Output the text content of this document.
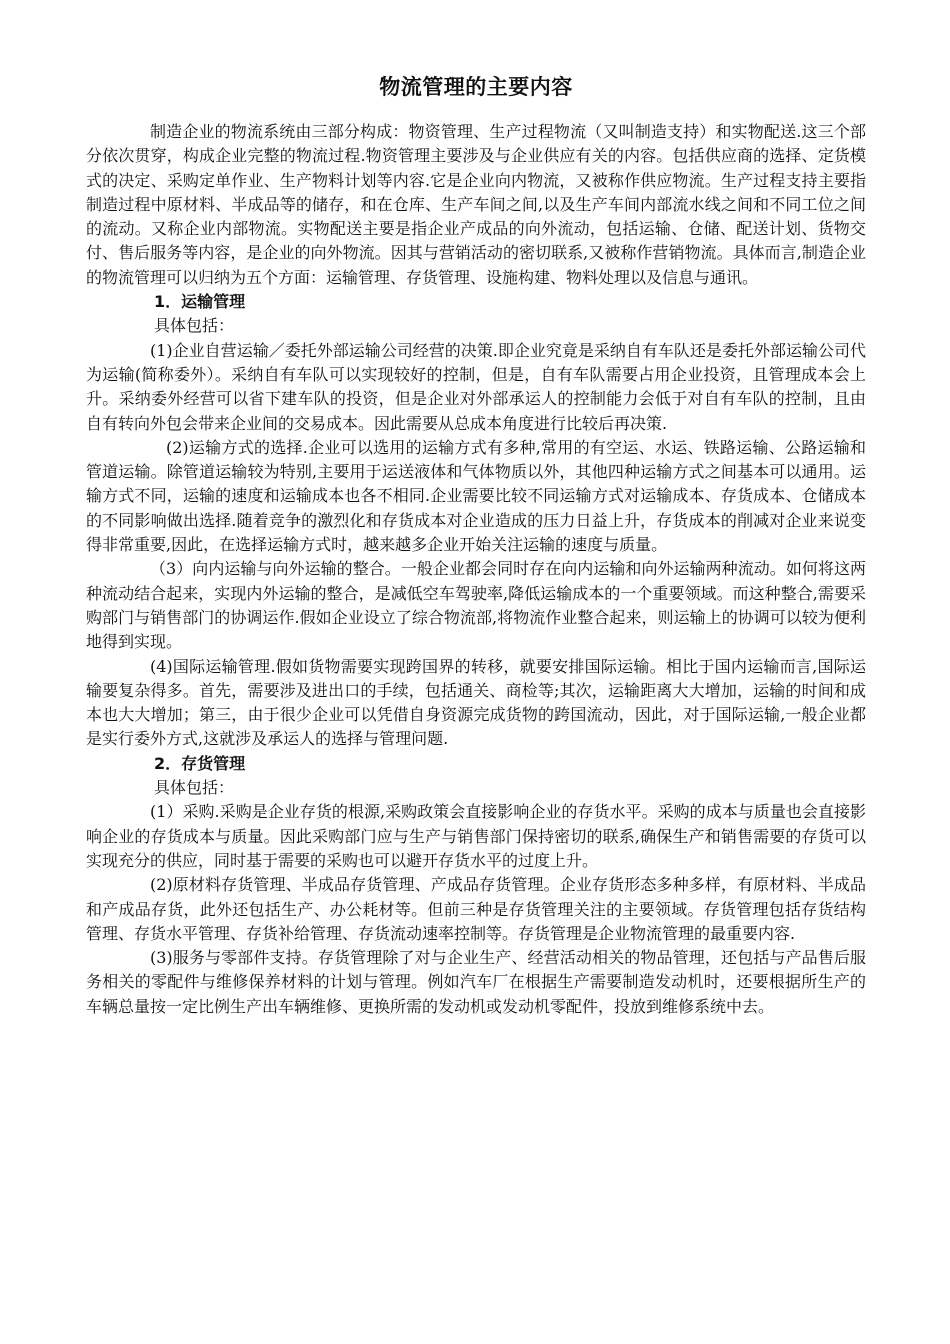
物流管理的主要内容

制造企业的物流系统由三部分构成：物资管理、生产过程物流（又叫制造支持）和实物配送.这三个部分依次贯穿，构成企业完整的物流过程.物资管理主要涉及与企业供应有关的内容。包括供应商的选择、定货模式的决定、采购定单作业、生产物料计划等内容.它是企业向内物流，又被称作供应物流。生产过程支持主要指制造过程中原材料、半成品等的储存，和在仓库、生产车间之间,以及生产车间内部流水线之间和不同工位之间的流动。又称企业内部物流。实物配送主要是指企业产成品的向外流动，包括运输、仓储、配送计划、货物交付、售后服务等内容，是企业的向外物流。因其与营销活动的密切联系,又被称作营销物流。具体而言,制造企业的物流管理可以归纳为五个方面：运输管理、存货管理、设施构建、物料处理以及信息与通讯。

1．运输管理
具体包括：

(1)企业自营运输／委托外部运输公司经营的决策.即企业究竟是采纳自有车队还是委托外部运输公司代为运输(简称委外）。采纳自有车队可以实现较好的控制，但是，自有车队需要占用企业投资，且管理成本会上升。采纳委外经营可以省下建车队的投资，但是企业对外部承运人的控制能力会低于对自有车队的控制，且由自有转向外包会带来企业间的交易成本。因此需要从总成本角度进行比较后再决策.

(2)运输方式的选择.企业可以选用的运输方式有多种,常用的有空运、水运、铁路运输、公路运输和管道运输。除管道运输较为特别,主要用于运送液体和气体物质以外，其他四种运输方式之间基本可以通用。运输方式不同，运输的速度和运输成本也各不相同.企业需要比较不同运输方式对运输成本、存货成本、仓储成本的不同影响做出选择.随着竞争的激烈化和存货成本对企业造成的压力日益上升，存货成本的削减对企业来说变得非常重要,因此，在选择运输方式时，越来越多企业开始关注运输的速度与质量。

（3）向内运输与向外运输的整合。一般企业都会同时存在向内运输和向外运输两种流动。如何将这两种流动结合起来，实现内外运输的整合，是减低空车驾驶率,降低运输成本的一个重要领域。而这种整合,需要采购部门与销售部门的协调运作.假如企业设立了综合物流部,将物流作业整合起来，则运输上的协调可以较为便利地得到实现。

(4)国际运输管理.假如货物需要实现跨国界的转移，就要安排国际运输。相比于国内运输而言,国际运输要复杂得多。首先，需要涉及进出口的手续，包括通关、商检等;其次，运输距离大大增加，运输的时间和成本也大大增加；第三，由于很少企业可以凭借自身资源完成货物的跨国流动，因此，对于国际运输,一般企业都是实行委外方式,这就涉及承运人的选择与管理问题.

2．存货管理
具体包括：

(1）采购.采购是企业存货的根源,采购政策会直接影响企业的存货水平。采购的成本与质量也会直接影响企业的存货成本与质量。因此采购部门应与生产与销售部门保持密切的联系,确保生产和销售需要的存货可以实现充分的供应，同时基于需要的采购也可以避开存货水平的过度上升。

(2)原材料存货管理、半成品存货管理、产成品存货管理。企业存货形态多种多样，有原材料、半成品和产成品存货，此外还包括生产、办公耗材等。但前三种是存货管理关注的主要领域。存货管理包括存货结构管理、存货水平管理、存货补给管理、存货流动速率控制等。存货管理是企业物流管理的最重要内容.

(3)服务与零部件支持。存货管理除了对与企业生产、经营活动相关的物品管理，还包括与产品售后服务相关的零配件与维修保养材料的计划与管理。例如汽车厂在根据生产需要制造发动机时，还要根据所生产的车辆总量按一定比例生产出车辆维修、更换所需的发动机或发动机零配件，投放到维修系统中去。
